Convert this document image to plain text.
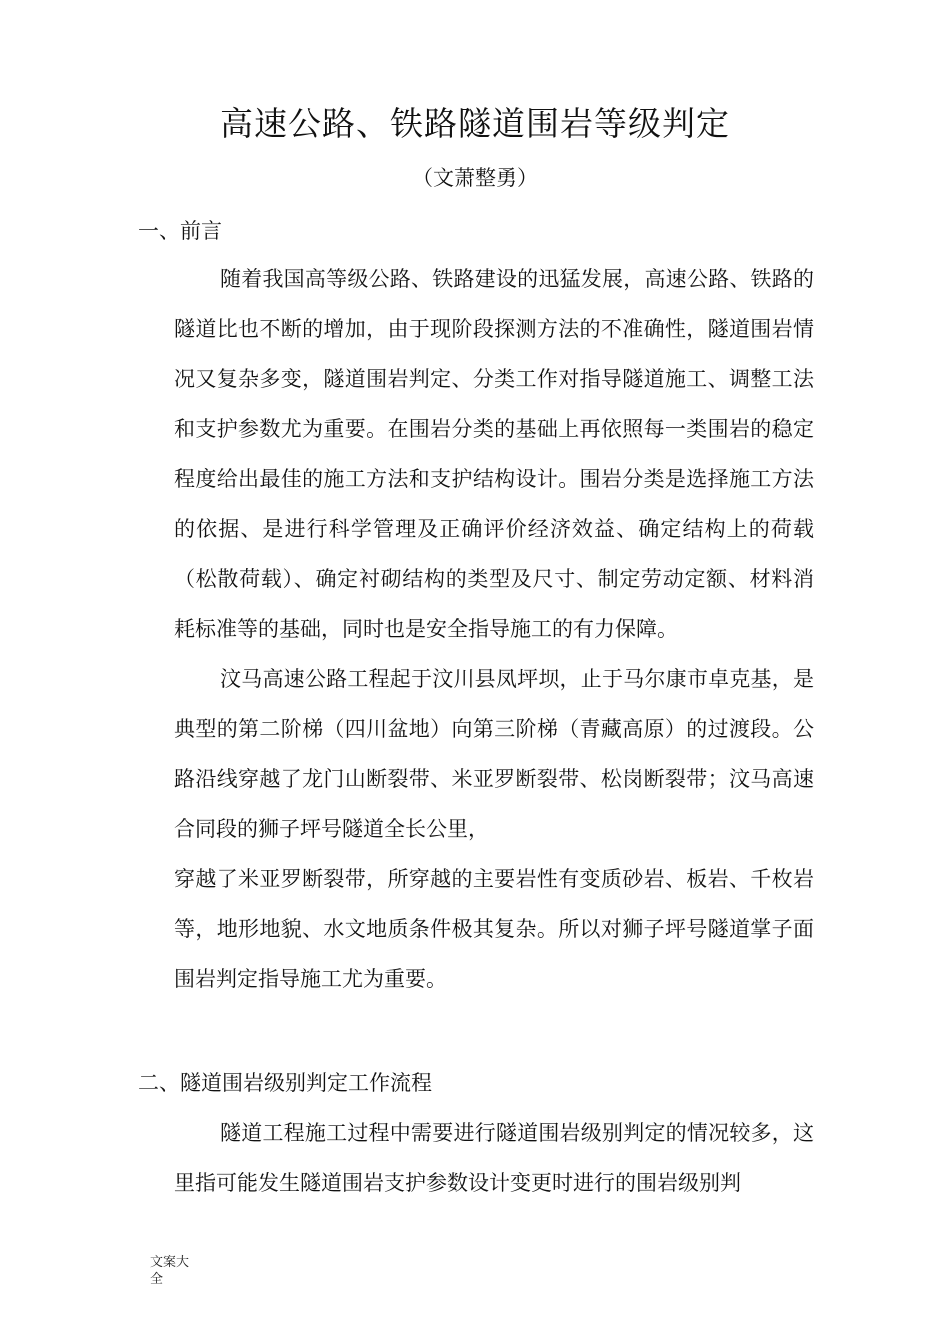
高速公路、铁路隧道围岩等级判定
（文萧整勇）
一、前言

随着我国高等级公路、铁路建设的迅猛发展，高速公路、铁路的隧道比也不断的增加，由于现阶段探测方法的不准确性，隧道围岩情况又复杂多变，隧道围岩判定、分类工作对指导隧道施工、调整工法和支护参数尤为重要。在围岩分类的基础上再依照每一类围岩的稳定程度给出最佳的施工方法和支护结构设计。围岩分类是选择施工方法的依据、是进行科学管理及正确评价经济效益、确定结构上的荷载（松散荷载）、确定衬砌结构的类型及尺寸、制定劳动定额、材料消耗标准等的基础，同时也是安全指导施工的有力保障。

汶马高速公路工程起于汶川县凤坪坝，止于马尔康市卓克基，是典型的第二阶梯（四川盆地）向第三阶梯（青藏高原）的过渡段。公路沿线穿越了龙门山断裂带、米亚罗断裂带、松岗断裂带；汶马高速合同段的狮子坪号隧道全长公里，

穿越了米亚罗断裂带，所穿越的主要岩性有变质砂岩、板岩、千枚岩等，地形地貌、水文地质条件极其复杂。所以对狮子坪号隧道掌子面围岩判定指导施工尤为重要。

二、隧道围岩级别判定工作流程

隧道工程施工过程中需要进行隧道围岩级别判定的情况较多，这里指可能发生隧道围岩支护参数设计变更时进行的围岩级别判

文案大全
